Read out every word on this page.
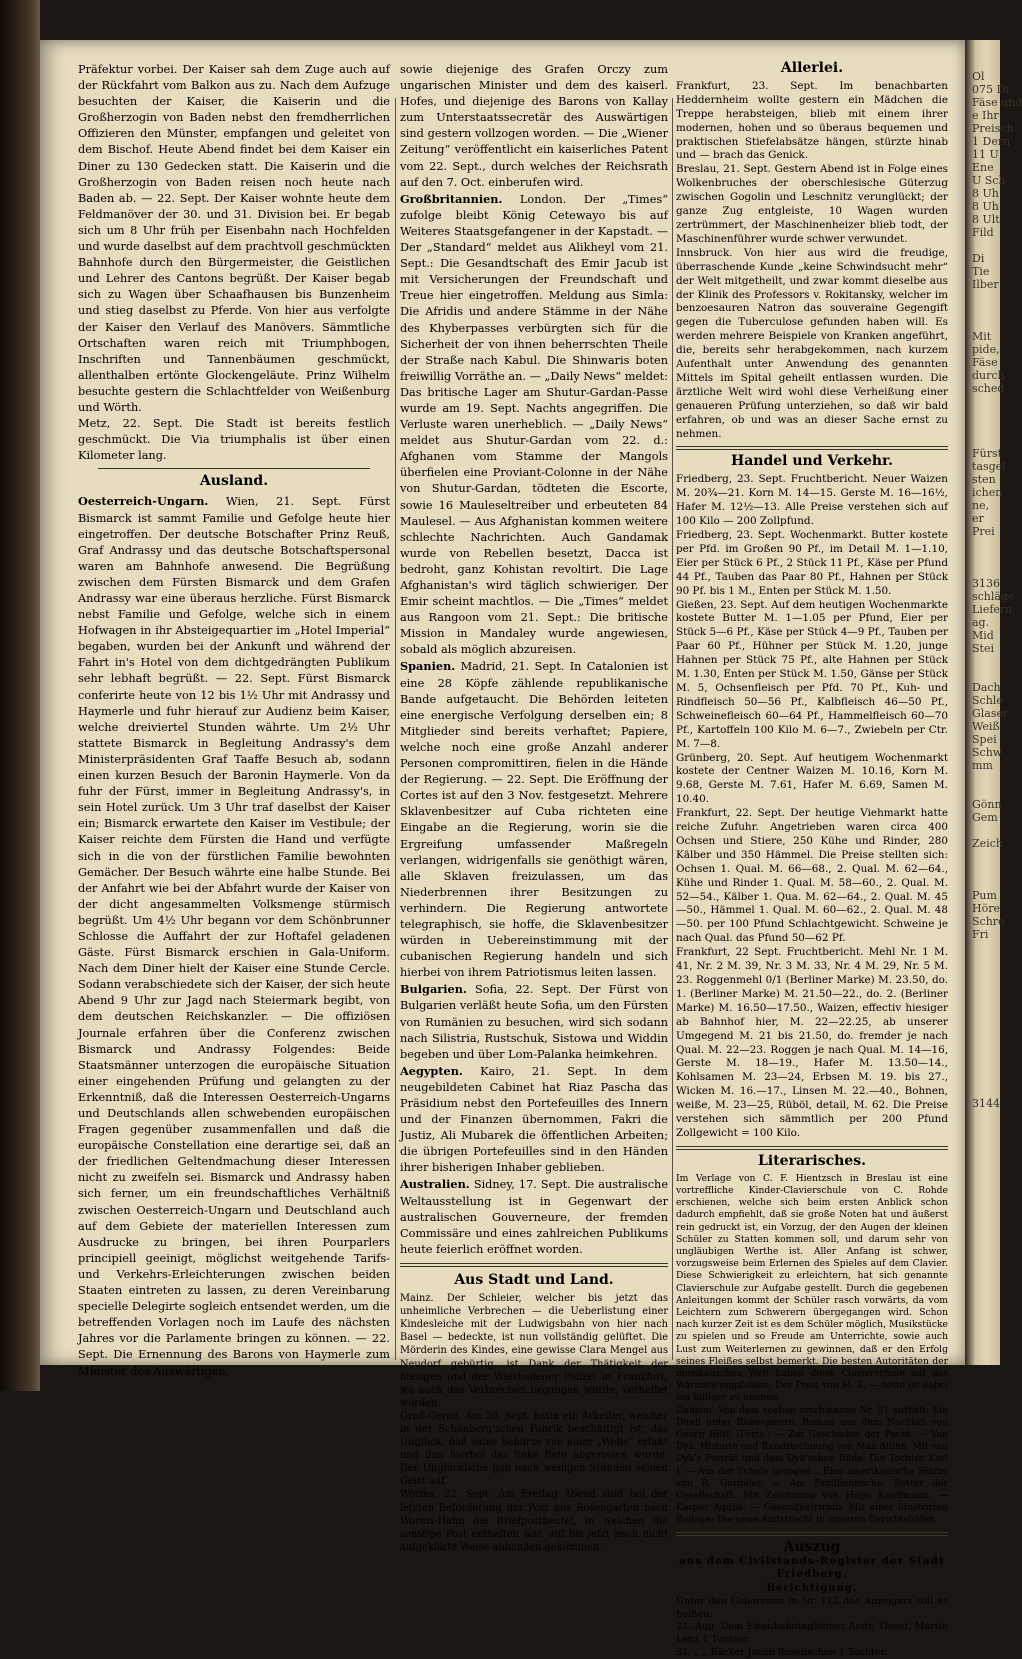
Präfektur vorbei. Der Kaiser sah dem Zuge auch auf der Rückfahrt vom Balkon aus zu. Nach dem Aufzuge besuchten der Kaiser, die Kaiserin und die Großherzogin von Baden nebst den fremdherrlichen Offizieren den Münster, empfangen und geleitet von dem Bischof. Heute Abend findet bei dem Kaiser ein Diner zu 130 Gedecken statt. Die Kaiserin und die Großherzogin von Baden reisen noch heute nach Baden ab. — 22. Sept. Der Kaiser wohnte heute dem Feldmanöver der 30. und 31. Division bei. Er begab sich um 8 Uhr früh per Eisenbahn nach Hochfelden und wurde daselbst auf dem prachtvoll geschmückten Bahnhofe durch den Bürgermeister, die Geistlichen und Lehrer des Cantons begrüßt. Der Kaiser begab sich zu Wagen über Schaafhausen bis Bunzenheim und stieg daselbst zu Pferde. Von hier aus verfolgte der Kaiser den Verlauf des Manövers. Sämmtliche Ortschaften waren reich mit Triumphbogen, Inschriften und Tannenbäumen geschmückt, allenthalben ertönte Glockengeläute. Prinz Wilhelm besuchte gestern die Schlachtfelder von Weißenburg und Wörth.

Metz, 22. Sept. Die Stadt ist bereits festlich geschmückt. Die Via triumphalis ist über einen Kilometer lang.

Ausland.

Oesterreich-Ungarn. Wien, 21. Sept. Fürst Bismarck ist sammt Familie und Gefolge heute hier eingetroffen. Der deutsche Botschafter Prinz Reuß, Graf Andrassy und das deutsche Botschaftspersonal waren am Bahnhofe anwesend. Die Begrüßung zwischen dem Fürsten Bismarck und dem Grafen Andrassy war eine überaus herzliche. Fürst Bismarck nebst Familie und Gefolge, welche sich in einem Hofwagen in ihr Absteigequartier im „Hotel Imperial“ begaben, wurden bei der Ankunft und während der Fahrt in's Hotel von dem dichtgedrängten Publikum sehr lebhaft begrüßt. — 22. Sept. Fürst Bismarck conferirte heute von 12 bis 1½ Uhr mit Andrassy und Haymerle und fuhr hierauf zur Audienz beim Kaiser, welche dreiviertel Stunden währte. Um 2½ Uhr stattete Bismarck in Begleitung Andrassy's dem Ministerpräsidenten Graf Taaffe Besuch ab, sodann einen kurzen Besuch der Baronin Haymerle. Von da fuhr der Fürst, immer in Begleitung Andrassy's, in sein Hotel zurück. Um 3 Uhr traf daselbst der Kaiser ein; Bismarck erwartete den Kaiser im Vestibule; der Kaiser reichte dem Fürsten die Hand und verfügte sich in die von der fürstlichen Familie bewohnten Gemächer. Der Besuch währte eine halbe Stunde. Bei der Anfahrt wie bei der Abfahrt wurde der Kaiser von der dicht angesammelten Volksmenge stürmisch begrüßt. Um 4½ Uhr begann vor dem Schönbrunner Schlosse die Auffahrt der zur Hoftafel geladenen Gäste. Fürst Bismarck erschien in Gala-Uniform. Nach dem Diner hielt der Kaiser eine Stunde Cercle. Sodann verabschiedete sich der Kaiser, der sich heute Abend 9 Uhr zur Jagd nach Steiermark begibt, von dem deutschen Reichskanzler. — Die offiziösen Journale erfahren über die Conferenz zwischen Bismarck und Andrassy Folgendes: Beide Staatsmänner unterzogen die europäische Situation einer eingehenden Prüfung und gelangten zu der Erkenntniß, daß die Interessen Oesterreich-Ungarns und Deutschlands allen schwebenden europäischen Fragen gegenüber zusammenfallen und daß die europäische Constellation eine derartige sei, daß an der friedlichen Geltendmachung dieser Interessen nicht zu zweifeln sei. Bismarck und Andrassy haben sich ferner, um ein freundschaftliches Verhältniß zwischen Oesterreich-Ungarn und Deutschland auch auf dem Gebiete der materiellen Interessen zum Ausdrucke zu bringen, bei ihren Pourparlers principiell geeinigt, möglichst weitgehende Tarifs- und Verkehrs-Erleichterungen zwischen beiden Staaten eintreten zu lassen, zu deren Vereinbarung specielle Delegirte sogleich entsendet werden, um die betreffenden Vorlagen noch im Laufe des nächsten Jahres vor die Parlamente bringen zu können. — 22. Sept. Die Ernennung des Barons von Haymerle zum Minister des Auswärtigen,

sowie diejenige des Grafen Orczy zum ungarischen Minister und dem des kaiserl. Hofes, und diejenige des Barons von Kallay zum Unterstaatssecretär des Auswärtigen sind gestern vollzogen worden. — Die „Wiener Zeitung“ veröffentlicht ein kaiserliches Patent vom 22. Sept., durch welches der Reichsrath auf den 7. Oct. einberufen wird.

Großbritannien. London. Der „Times“ zufolge bleibt König Cetewayo bis auf Weiteres Staatsgefangener in der Kapstadt. — Der „Standard“ meldet aus Alikheyl vom 21. Sept.: Die Gesandtschaft des Emir Jacub ist mit Versicherungen der Freundschaft und Treue hier eingetroffen. Meldung aus Simla: Die Afridis und andere Stämme in der Nähe des Khyberpasses verbürgten sich für die Sicherheit der von ihnen beherrschten Theile der Straße nach Kabul. Die Shinwaris boten freiwillig Vorräthe an. — „Daily News“ meldet: Das britische Lager am Shutur-Gardan-Passe wurde am 19. Sept. Nachts angegriffen. Die Verluste waren unerheblich. — „Daily News“ meldet aus Shutur-Gardan vom 22. d.: Afghanen vom Stamme der Mangols überfielen eine Proviant-Colonne in der Nähe von Shutur-Gardan, tödteten die Escorte, sowie 16 Mauleseltreiber und erbeuteten 84 Maulesel. — Aus Afghanistan kommen weitere schlechte Nachrichten. Auch Gandamak wurde von Rebellen besetzt, Dacca ist bedroht, ganz Kohistan revoltirt. Die Lage Afghanistan's wird täglich schwieriger. Der Emir scheint machtlos. — Die „Times“ meldet aus Rangoon vom 21. Sept.: Die britische Mission in Mandaley wurde angewiesen, sobald als möglich abzureisen.

Spanien. Madrid, 21. Sept. In Catalonien ist eine 28 Köpfe zählende republikanische Bande aufgetaucht. Die Behörden leiteten eine energische Verfolgung derselben ein; 8 Mitglieder sind bereits verhaftet; Papiere, welche noch eine große Anzahl anderer Personen compromittiren, fielen in die Hände der Regierung. — 22. Sept. Die Eröffnung der Cortes ist auf den 3 Nov. festgesetzt. Mehrere Sklavenbesitzer auf Cuba richteten eine Eingabe an die Regierung, worin sie die Ergreifung umfassender Maßregeln verlangen, widrigenfalls sie genöthigt wären, alle Sklaven freizulassen, um das Niederbrennen ihrer Besitzungen zu verhindern. Die Regierung antwortete telegraphisch, sie hoffe, die Sklavenbesitzer würden in Uebereinstimmung mit der cubanischen Regierung handeln und sich hierbei von ihrem Patriotismus leiten lassen.

Bulgarien. Sofia, 22. Sept. Der Fürst von Bulgarien verläßt heute Sofia, um den Fürsten von Rumänien zu besuchen, wird sich sodann nach Silistria, Rustschuk, Sistowa und Widdin begeben und über Lom-Palanka heimkehren.

Aegypten. Kairo, 21. Sept. In dem neugebildeten Cabinet hat Riaz Pascha das Präsidium nebst den Portefeuilles des Innern und der Finanzen übernommen, Fakri die Justiz, Ali Mubarek die öffentlichen Arbeiten; die übrigen Portefeuilles sind in den Händen ihrer bisherigen Inhaber geblieben.

Australien. Sidney, 17. Sept. Die australische Weltausstellung ist in Gegenwart der australischen Gouverneure, der fremden Commissäre und eines zahlreichen Publikums heute feierlich eröffnet worden.

Aus Stadt und Land.

Mainz. Der Schleier, welcher bis jetzt das unheimliche Verbrechen — die Ueberlistung einer Kindesleiche mit der Ludwigsbahn von hier nach Basel — bedeckte, ist nun vollständig gelüftet. Die Mörderin des Kindes, eine gewisse Clara Mengel aus Neudorf gebürtig, ist Dank der Thätigkeit der hiesigen und der Wiesbadener Polizei in Frankfurt, wo auch das Verbrechen begangen wurde, verhaftet worden.

Groß-Gerau. Am 20. Sept. hatte ein Arbeiter, welcher in der Schönberg'schen Fabrik beschäftigt ist, das Unglück, daß seine Schürze von einer „Welle“ erfaßt und ihm hierbei das linke Bein abgerissen wurde. Der Unglückliche gab nach wenigen Stunden seinen Geist auf.

Worms, 22. Sept. Am Freitag Abend sind bei der letzten Beförderung der Post aus Rosengarten nach Worms-Hahn die Briefpostbeutel, in welchen die sonstige Post enthalten war, auf bis jetzt noch nicht aufgeklärte Weise abhanden gekommen.

Allerlei.

Frankfurt, 23. Sept. Im benachbarten Heddernheim wollte gestern ein Mädchen die Treppe herabsteigen, blieb mit einem ihrer modernen, hohen und so überaus bequemen und praktischen Stiefelabsätze hängen, stürzte hinab und — brach das Genick.

Breslau, 21. Sept. Gestern Abend ist in Folge eines Wolkenbruches der oberschlesische Güterzug zwischen Gogolin und Leschnitz verunglückt; der ganze Zug entgleiste, 10 Wagen wurden zertrümmert, der Maschinenheizer blieb todt, der Maschinenführer wurde schwer verwundet.

Innsbruck. Von hier aus wird die freudige, überraschende Kunde „keine Schwindsucht mehr“ der Welt mitgetheilt, und zwar kommt dieselbe aus der Klinik des Professors v. Rokitansky, welcher im benzoesauren Natron das souveraine Gegengift gegen die Tuberculose gefunden haben will. Es werden mehrere Beispiele von Kranken angeführt, die, bereits sehr herabgekommen, nach kurzem Aufenthalt unter Anwendung des genannten Mittels im Spital geheilt entlassen wurden. Die ärztliche Welt wird wohl diese Verheißung einer genaueren Prüfung unterziehen, so daß wir bald erfahren, ob und was an dieser Sache ernst zu nehmen.

Handel und Verkehr.

Friedberg, 23. Sept. Fruchtbericht. Neuer Waizen M. 20¾—21. Korn M. 14—15. Gerste M. 16—16½, Hafer M. 12½—13. Alle Preise verstehen sich auf 100 Kilo — 200 Zollpfund.

Friedberg, 23. Sept. Wochenmarkt. Butter kostete per Pfd. im Großen 90 Pf., im Detail M. 1—1.10, Eier per Stück 6 Pf., 2 Stück 11 Pf., Käse per Pfund 44 Pf., Tauben das Paar 80 Pf., Hahnen per Stück 90 Pf. bis 1 M., Enten per Stück M. 1.50.

Gießen, 23. Sept. Auf dem heutigen Wochenmarkte kostete Butter M. 1—1.05 per Pfund, Eier per Stück 5—6 Pf., Käse per Stück 4—9 Pf., Tauben per Paar 60 Pf., Hühner per Stück M. 1.20, junge Hahnen per Stück 75 Pf., alte Hahnen per Stück M. 1.30, Enten per Stück M. 1.50, Gänse per Stück M. 5, Ochsenfleisch per Pfd. 70 Pf., Kuh- und Rindfleisch 50—56 Pf., Kalbfleisch 46—50 Pf., Schweinefleisch 60—64 Pf., Hammelfleisch 60—70 Pf., Kartoffeln 100 Kilo M. 6—7., Zwiebeln per Ctr. M. 7—8.

Grünberg, 20. Sept. Auf heutigem Wochenmarkt kostete der Centner Waizen M. 10.16, Korn M. 9.68, Gerste M. 7.61, Hafer M. 6.69, Samen M. 10.40.

Frankfurt, 22. Sept. Der heutige Viehmarkt hatte reiche Zufuhr. Angetrieben waren circa 400 Ochsen und Stiere, 250 Kühe und Rinder, 280 Kälber und 350 Hämmel. Die Preise stellten sich: Ochsen 1. Qual. M. 66—68., 2. Qual. M. 62—64., Kühe und Rinder 1. Qual. M. 58—60., 2. Qual. M. 52—54., Kälber 1. Qua. M. 62—64., 2. Qual. M. 45—50., Hämmel 1. Qual. M. 60—62., 2. Qual. M. 48—50. per 100 Pfund Schlachtgewicht. Schweine je nach Qual. das Pfund 50—62 Pf.

Frankfurt, 22 Sept. Fruchtbericht. Mehl Nr. 1 M. 41, Nr. 2 M. 39, Nr. 3 M. 33, Nr. 4 M. 29, Nr. 5 M. 23. Roggenmehl 0/1 (Berliner Marke) M. 23.50, do. 1. (Berliner Marke) M. 21.50—22., do. 2. (Berliner Marke) M. 16.50—17.50., Waizen, effectiv hiesiger ab Bahnhof hier, M. 22—22.25, ab unserer Umgegend M. 21 bis 21.50, do. fremder je nach Qual. M. 22—23. Roggen je nach Qual. M. 14—16, Gerste M. 18—19., Hafer M. 13.50—14., Kohlsamen M. 23—24, Erbsen M. 19. bis 27., Wicken M. 16.—17., Linsen M. 22.—40., Bohnen, weiße, M. 23—25, Rüböl, detail, M. 62. Die Preise verstehen sich sämmtlich per 200 Pfund Zollgewicht = 100 Kilo.

Literarisches.

Im Verlage von C. F. Hientzsch in Breslau ist eine vortreffliche Kinder-Clavierschule von C. Rohde erschienen, welche sich beim ersten Anblick schon dadurch empfiehlt, daß sie große Noten hat und äußerst rein gedruckt ist, ein Vorzug, der den Augen der kleinen Schüler zu Statten kommen soll, und darum sehr von ungläubigen Werthe ist. Aller Anfang ist schwer, vorzugsweise beim Erlernen des Spieles auf dem Clavier. Diese Schwierigkeit zu erleichtern, hat sich genannte Clavierschule zur Aufgabe gestellt. Durch die gegebenen Anleitungen kommt der Schüler rasch vorwärts, da vom Leichtern zum Schwerern übergegangen wird. Schon nach kurzer Zeit ist es dem Schüler möglich, Musikstücke zu spielen und so Freude am Unterrichte, sowie auch Lust zum Weiterlernen zu gewinnen, daß er den Erfolg seines Fleißes selbst bemerkt. Die besten Autoritäten der musikalischen Welt haben diese Clavierschule auf das Wärmste empfohlen. Der Preis von M. 3. — netto ist dabei ein billiger zu nennen.

Daheim. Von dem soeben erschienene Nr. 51 enthält: Ein Duell unter Robespierre. Roman aus dem Nachlaß von Georg Hiltl. (Forts.) — Zur Geschichte der Pacht. — Van Dyk. Historie und Randzeichnung von Max Allihn. Mit van Dyk's Porträt und dem Dyk'schen Bilde: Die Tochter Karl I. — Aus der Schule gezogen... Eine amerikanische Skizze von R. Gordeler. — Am Familientische: Retter der Gesellschaft. Mit Zeichnung von Hugo Kauffmann. — Kaspar Aquila. — Gesundheitsrath. Mit einer illustrirten Beilage: Die neue Amtstracht in unseren Gerichtshöfen.

Auszug
aus dem Civilstands-Register der Stadt Friedberg.
Berichtigung.

Unter den Geborenen in Nr. 112 des Anzeigers soll es heißen:

21. Aug. Dem Eisenbahntaglöhner Andr. Theod. Martin Lenz 1 Tochter.

31. „ „ Bäcker Jacob Rosenschon 1 Tochter.

Ol
075 Di
Fäse und
e Ihr
Preisch
1 Dern
11 U
Ene
U Sch
8 Uh
8 Uh
8 Ult
Fild

Di
Tie
Ilber

Mit
pide,
Fäse
durch
sched

Fürst
tasgel
sten
ichen
ne,
er
Prei

3136
schläge
Liefern
ag.
Mid
Stei

Dach
Schle
Glaser
Weiß
Spei
Schw
mm

Gönn
Gem

Zeich

Pum
Höre
Schre
Fri

3144
